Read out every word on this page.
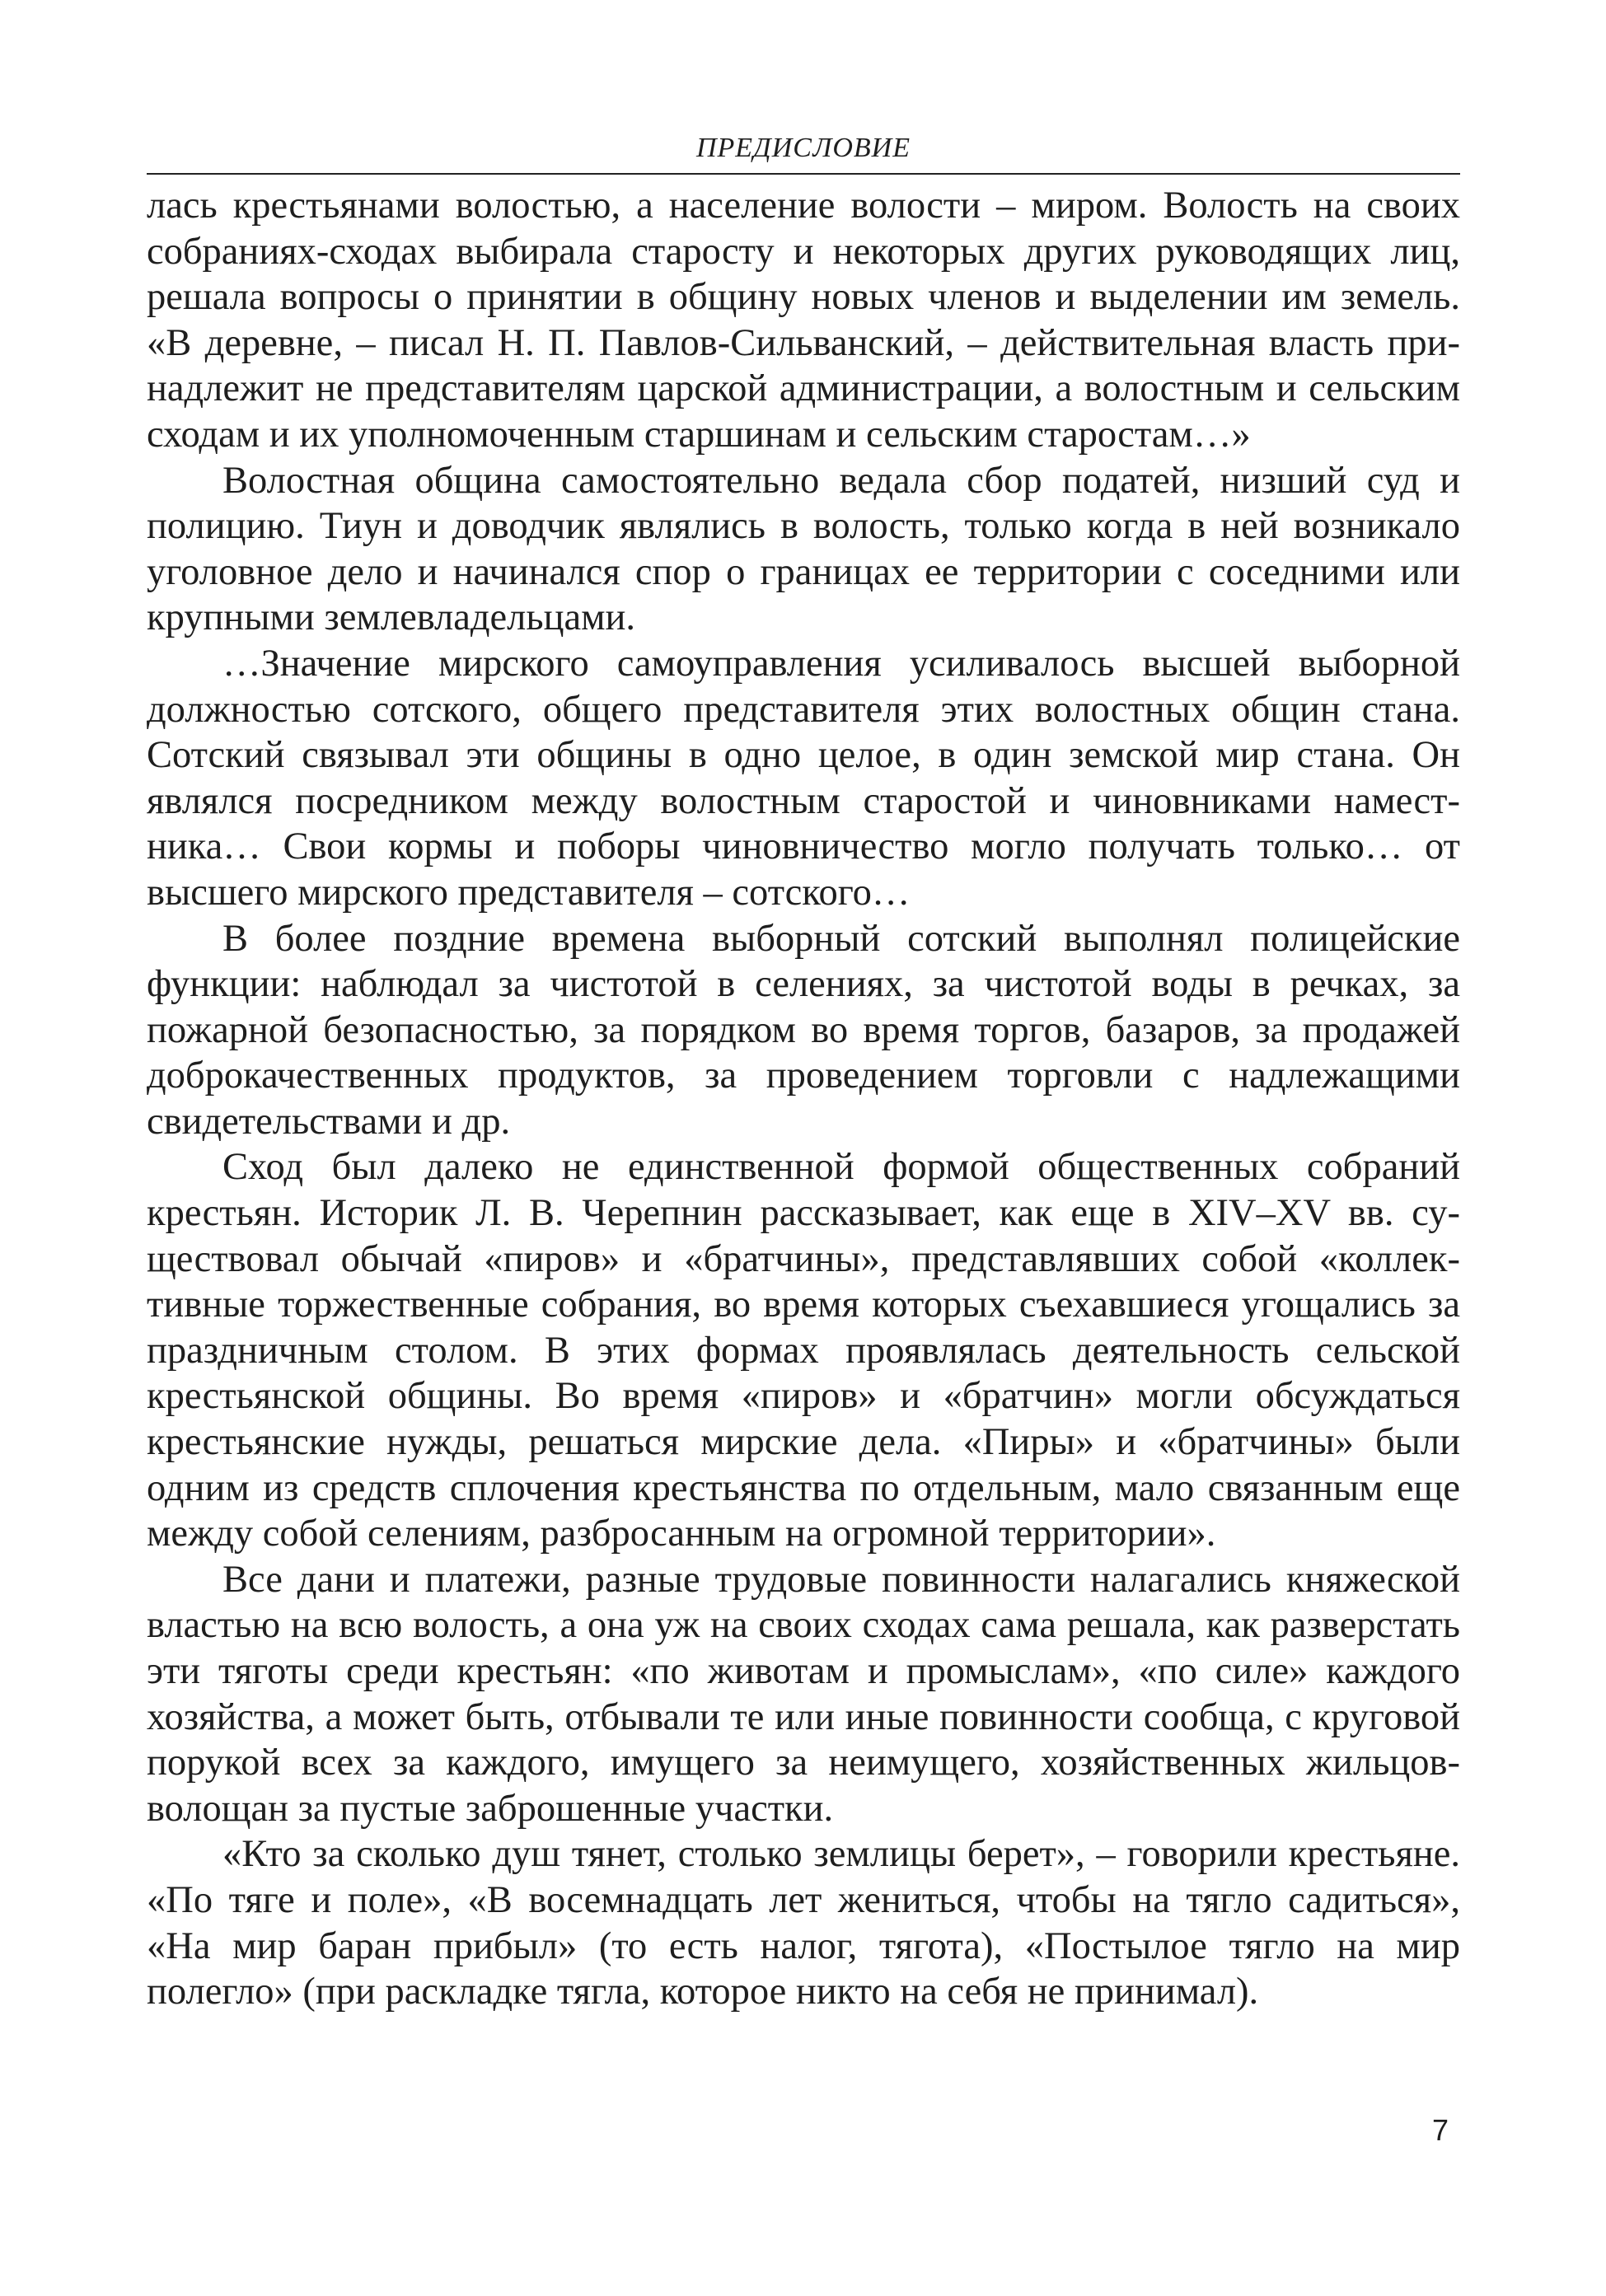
ПРЕДИСЛОВИЕ

лась крестьянами волостью, а население волости – миром. Волость на своих собраниях-сходах выбирала старосту и некоторых других руководящих лиц, решала вопросы о принятии в общину новых членов и выделении им земель. «В деревне, – писал Н. П. Павлов-Сильванский, – действительная власть принадлежит не представителям царской администрации, а волостным и сельским сходам и их уполномоченным старшинам и сельским старостам…»

Волостная община самостоятельно ведала сбор податей, низший суд и полицию. Тиун и доводчик являлись в волость, только когда в ней возникало уголовное дело и начинался спор о границах ее территории с соседними или крупными землевладельцами.

…Значение мирского самоуправления усиливалось высшей выборной должностью сотского, общего представителя этих волостных общин стана. Сотский связывал эти общины в одно целое, в один земской мир стана. Он являлся посредником между волостным старостой и чиновниками наместника… Свои кормы и поборы чиновничество могло получать только… от высшего мирского представителя – сотского…

В более поздние времена выборный сотский выполнял полицейские функции: наблюдал за чистотой в селениях, за чистотой воды в речках, за пожарной безопасностью, за порядком во время торгов, базаров, за продажей доброкачественных продуктов, за проведением торговли с надлежащими свидетельствами и др.

Сход был далеко не единственной формой общественных собраний крестьян. Историк Л. В. Черепнин рассказывает, как еще в XIV–XV вв. существовал обычай «пиров» и «братчины», представлявших собой «коллективные торжественные собрания, во время которых съехавшиеся угощались за праздничным столом. В этих формах проявлялась деятельность сельской крестьянской общины. Во время «пиров» и «братчин» могли обсуждаться крестьянские нужды, решаться мирские дела. «Пиры» и «братчины» были одним из средств сплочения крестьянства по отдельным, мало связанным еще между собой селениям, разбросанным на огромной территории».

Все дани и платежи, разные трудовые повинности налагались княжеской властью на всю волость, а она уж на своих сходах сама решала, как разверстать эти тяготы среди крестьян: «по животам и промыслам», «по силе» каждого хозяйства, а может быть, отбывали те или иные повинности сообща, с круговой порукой всех за каждого, имущего за неимущего, хозяйственных жильцов-волощан за пустые заброшенные участки.

«Кто за сколько душ тянет, столько землицы берет», – говорили крестьяне. «По тяге и поле», «В восемнадцать лет жениться, чтобы на тягло садиться», «На мир баран прибыл» (то есть налог, тягота), «Постылое тягло на мир полегло» (при раскладке тягла, которое никто на себя не принимал).

7
